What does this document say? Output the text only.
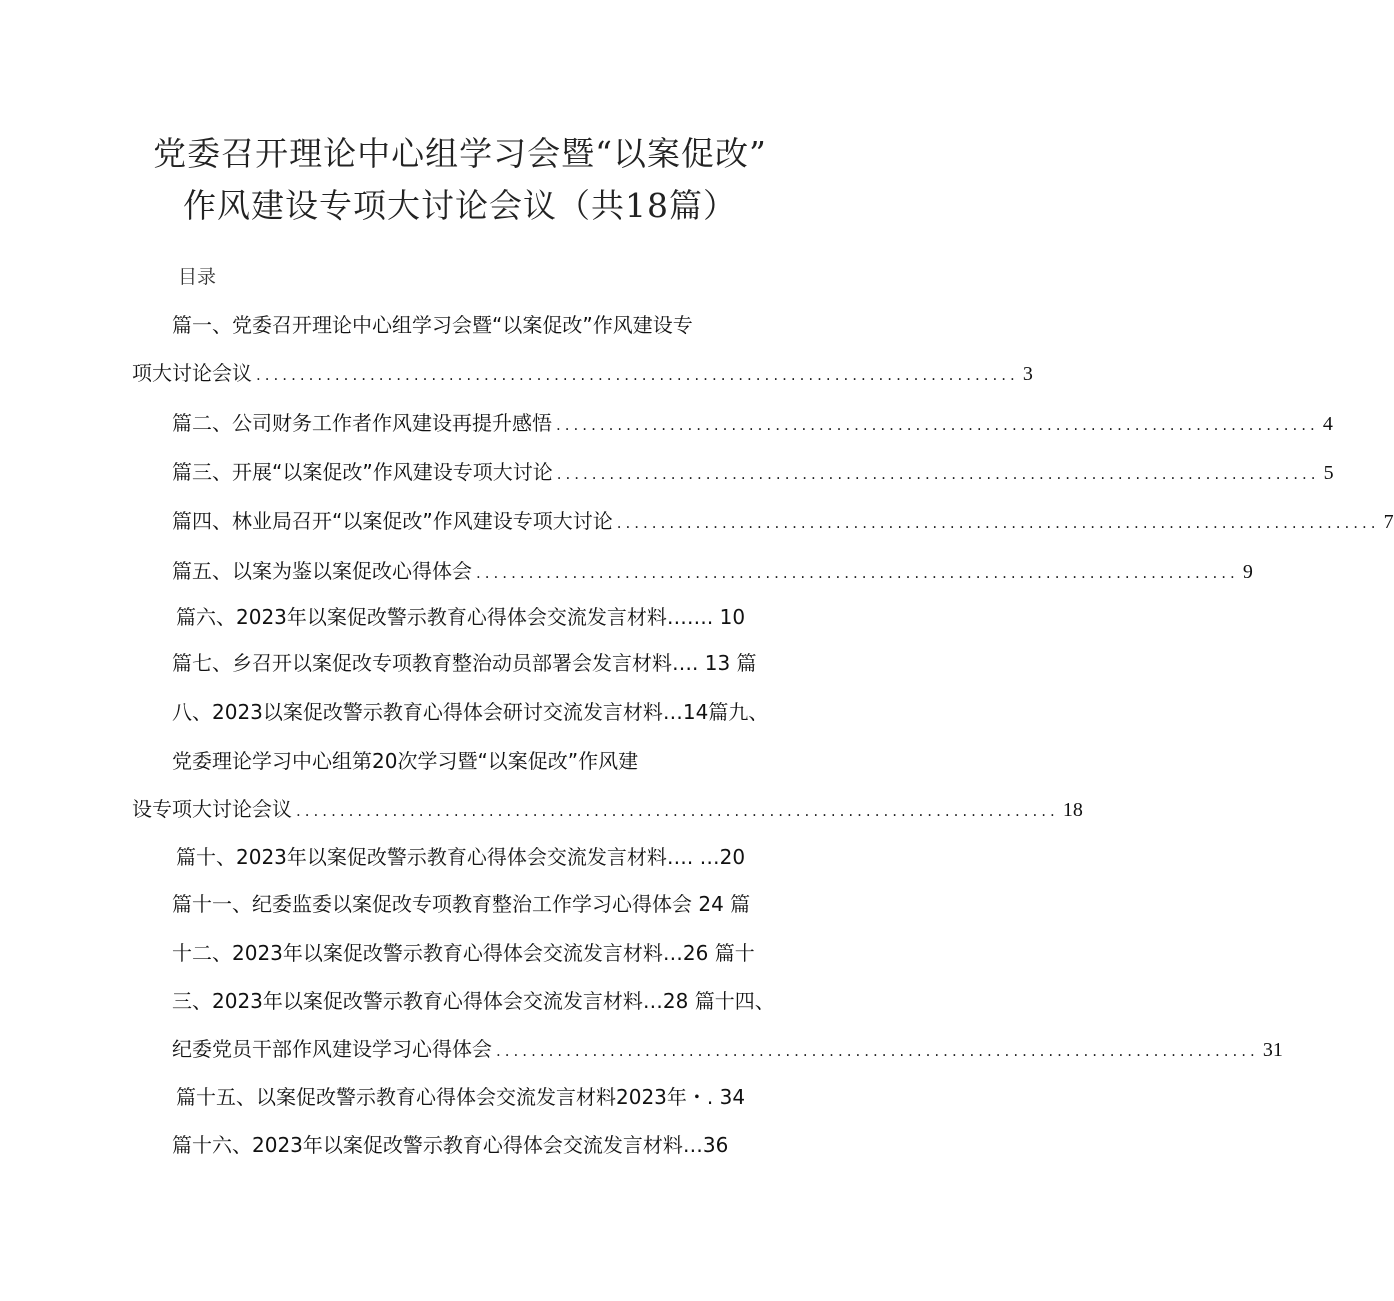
党委召开理论中心组学习会暨“以案促改”
作风建设专项大讨论会议（共18篇）
目录
篇一、党委召开理论中心组学习会暨“以案促改”作风建设专
项大讨论会议 ....................................................................................... 3
篇二、公司财务工作者作风建设再提升感悟 ....................................................................................... 4
篇三、开展“以案促改”作风建设专项大讨论 ....................................................................................... 5
篇四、林业局召开“以案促改”作风建设专项大讨论 ....................................................................................... 7
篇五、以案为鉴以案促改心得体会 ....................................................................................... 9
篇六、2023年以案促改警示教育心得体会交流发言材料……. 10
篇七、乡召开以案促改专项教育整治动员部署会发言材料…. 13 篇
八、2023以案促改警示教育心得体会研讨交流发言材料…14篇九、
党委理论学习中心组第20次学习暨“以案促改”作风建
设专项大讨论会议 ....................................................................................... 18
篇十、2023年以案促改警示教育心得体会交流发言材料…. …20
篇十一、纪委监委以案促改专项教育整治工作学习心得体会 24 篇
十二、2023年以案促改警示教育心得体会交流发言材料…26 篇十
三、2023年以案促改警示教育心得体会交流发言材料…28 篇十四、
纪委党员干部作风建设学习心得体会 ....................................................................................... 31
篇十五、以案促改警示教育心得体会交流发言材料2023年・. 34
篇十六、2023年以案促改警示教育心得体会交流发言材料…36
